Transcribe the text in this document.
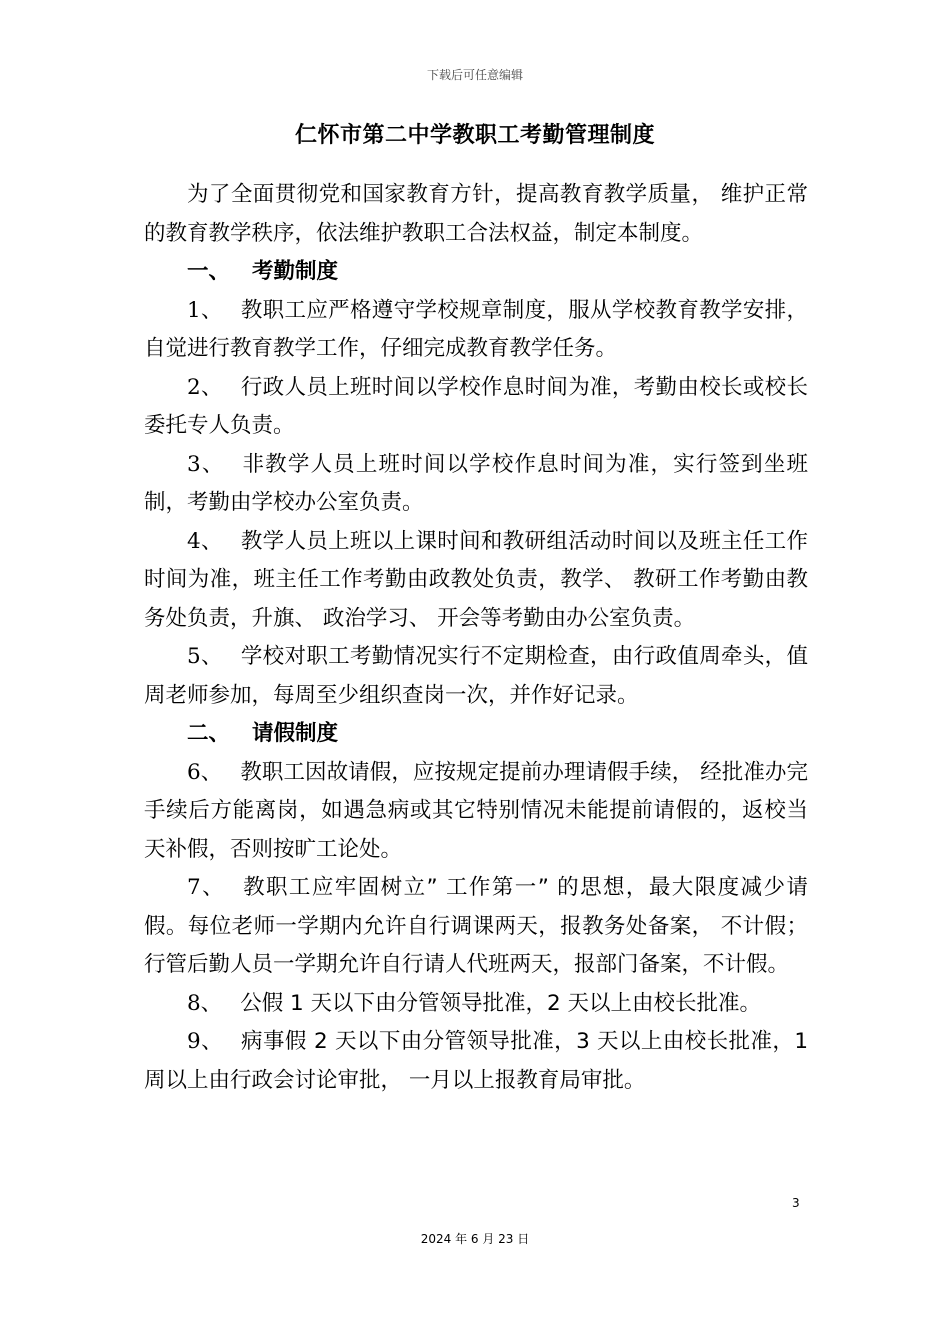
下载后可任意编辑
仁怀市第二中学教职工考勤管理制度

为了全面贯彻党和国家教育方针，提高教育教学质量， 维护正常的教育教学秩序，依法维护教职工合法权益，制定本制度。

一、 考勤制度

1、 教职工应严格遵守学校规章制度，服从学校教育教学安排，自觉进行教育教学工作，仔细完成教育教学任务。

2、 行政人员上班时间以学校作息时间为准，考勤由校长或校长委托专人负责。

3、 非教学人员上班时间以学校作息时间为准，实行签到坐班制，考勤由学校办公室负责。

4、 教学人员上班以上课时间和教研组活动时间以及班主任工作时间为准，班主任工作考勤由政教处负责，教学、 教研工作考勤由教务处负责，升旗、 政治学习、 开会等考勤由办公室负责。

5、 学校对职工考勤情况实行不定期检查，由行政值周牵头，值周老师参加，每周至少组织查岗一次，并作好记录。

二、 请假制度

6、 教职工因故请假，应按规定提前办理请假手续， 经批准办完手续后方能离岗，如遇急病或其它特别情况未能提前请假的，返校当天补假，否则按旷工论处。

7、 教职工应牢固树立” 工作第一” 的思想，最大限度减少请假。每位老师一学期内允许自行调课两天，报教务处备案， 不计假；行管后勤人员一学期允许自行请人代班两天，报部门备案，不计假。

8、 公假 1 天以下由分管领导批准，2 天以上由校长批准。

9、 病事假 2 天以下由分管领导批准，3 天以上由校长批准，1 周以上由行政会讨论审批， 一月以上报教育局审批。

3
2024 年 6 月 23 日
